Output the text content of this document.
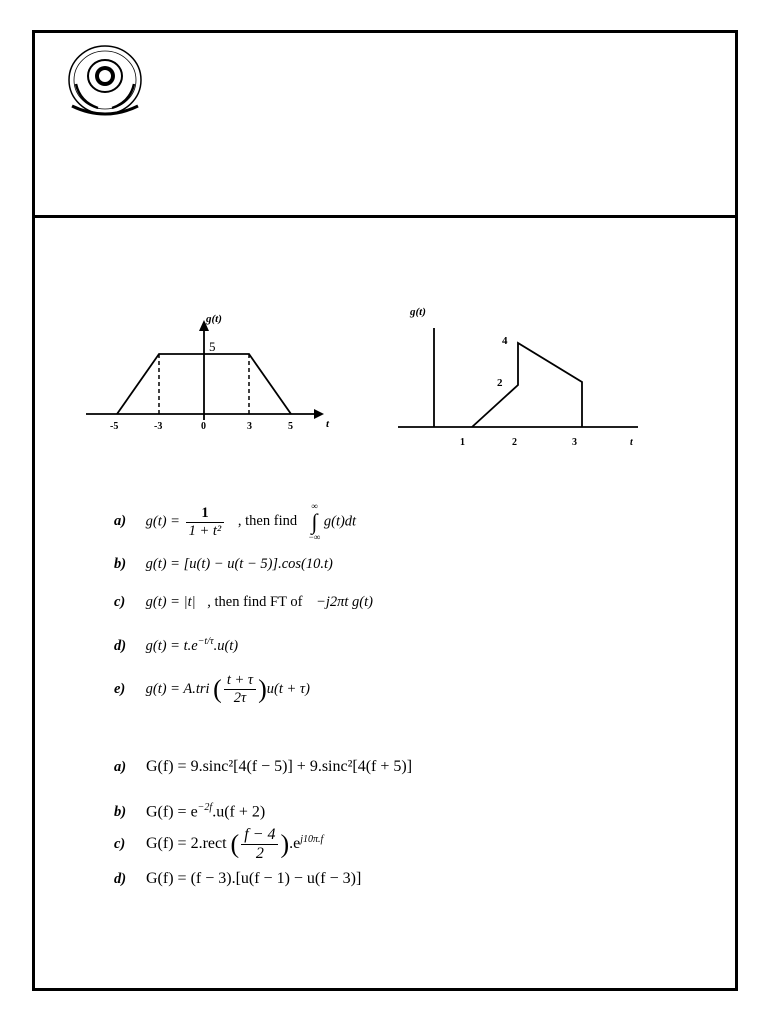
g(t)
5
t
-5	-3	0	3	5
g(t)
4
2
1	2	3	t
a) $g(t) = \frac{1}{\text{1 + t²}}$ , then find ∞
∫
−∞ g(t)dt
b) g(t) = [u(t) − u(t − 5)].cos(10.t)
c) g(t) = |t| , then find FT of −j2πt g(t)
d) $g(t) = t.e^{-t/\tau}.u(t)$
e) g(t) = A.tri ( $\frac{t + \tau}{2\tau} )u(t + \tau)$
a) G(f) = 9.sinc²[4(f − 5)] + 9.sinc²[4(f + 5)]
b) $G(f) = e^{-2f}.u(f + 2)$
c) G(f) = 2.rect ( $\frac{f - 4}{2} ).e^{j10\pi.f}$
d) G(f) = (f − 3).[u(f − 1) − u(f − 3)]
